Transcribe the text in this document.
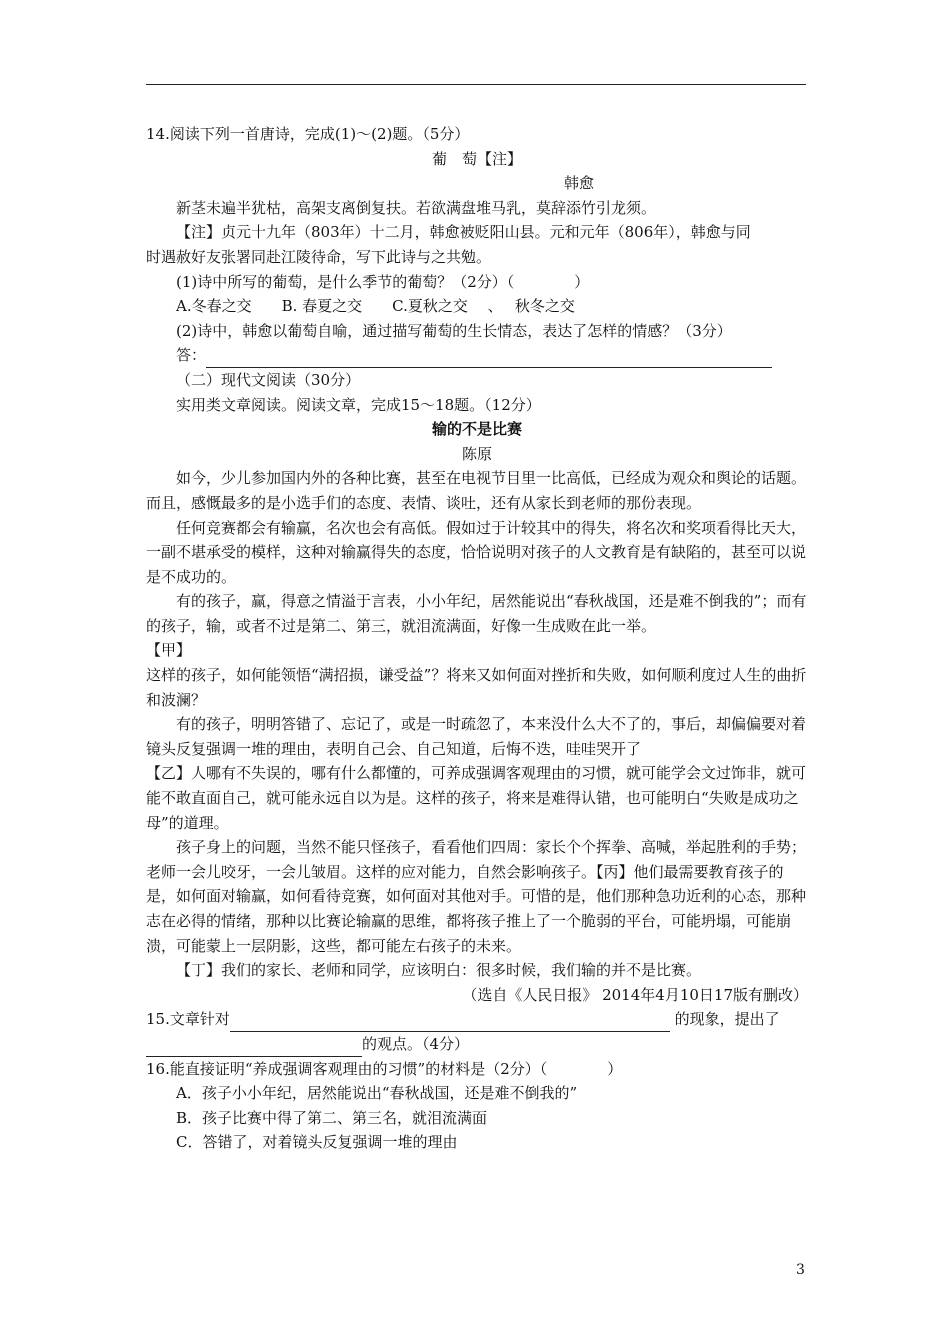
14.阅读下列一首唐诗，完成(1)～(2)题。（5分）

葡　萄【注】

韩愈

新茎未遍半犹枯，高架支离倒复扶。若欲满盘堆马乳，莫辞添竹引龙须。

【注】贞元十九年（803年）十二月，韩愈被贬阳山县。元和元年（806年），韩愈与同

时遇赦好友张署同赴江陵待命，写下此诗与之共勉。

(1)诗中所写的葡萄，是什么季节的葡萄？（2分）（　　　　）

A.冬春之交　　B. 春夏之交　　C.夏秋之交　 、　 秋冬之交

(2)诗中，韩愈以葡萄自喻，通过描写葡萄的生长情态，表达了怎样的情感？（3分）

答：

（二）现代文阅读（30分）

实用类文章阅读。阅读文章，完成15～18题。（12分）

输的不是比赛

陈原

如今，少儿参加国内外的各种比赛，甚至在电视节目里一比高低，已经成为观众和舆论的话题。而且，感慨最多的是小选手们的态度、表情、谈吐，还有从家长到老师的那份表现。

任何竞赛都会有输赢，名次也会有高低。假如过于计较其中的得失，将名次和奖项看得比天大，一副不堪承受的模样，这种对输赢得失的态度，恰恰说明对孩子的人文教育是有缺陷的，甚至可以说是不成功的。

有的孩子，赢，得意之情溢于言表，小小年纪，居然能说出“春秋战国，还是难不倒我的”；而有的孩子，输，或者不过是第二、第三，就泪流满面，好像一生成败在此一举。

【甲】

这样的孩子，如何能领悟“满招损，谦受益”？将来又如何面对挫折和失败，如何顺利度过人生的曲折和波澜？

有的孩子，明明答错了、忘记了，或是一时疏忽了，本来没什么大不了的，事后，却偏偏要对着镜头反复强调一堆的理由，表明自己会、自己知道，后悔不迭，哇哇哭开了

【乙】人哪有不失误的，哪有什么都懂的，可养成强调客观理由的习惯，就可能学会文过饰非，就可能不敢直面自己，就可能永远自以为是。这样的孩子，将来是难得认错，也可能明白“失败是成功之母”的道理。

孩子身上的问题，当然不能只怪孩子，看看他们四周：家长个个挥拳、高喊，举起胜利的手势；老师一会儿咬牙，一会儿皱眉。这样的应对能力，自然会影响孩子。【丙】他们最需要教育孩子的是，如何面对输赢，如何看待竞赛，如何面对其他对手。可惜的是，他们那种急功近利的心态，那种志在必得的情绪，那种以比赛论输赢的思维，都将孩子推上了一个脆弱的平台，可能坍塌，可能崩溃，可能蒙上一层阴影，这些，都可能左右孩子的未来。

【丁】我们的家长、老师和同学，应该明白：很多时候，我们输的并不是比赛。

（选自《人民日报》 2014年4月10日17版有删改）

15.文章针对	的现象，提出了

的观点。（4分）

16.能直接证明“养成强调客观理由的习惯”的材料是（2分）（　　　　）

A．孩子小小年纪，居然能说出“春秋战国，还是难不倒我的”

B．孩子比赛中得了第二、第三名，就泪流满面

C．答错了，对着镜头反复强调一堆的理由

3
